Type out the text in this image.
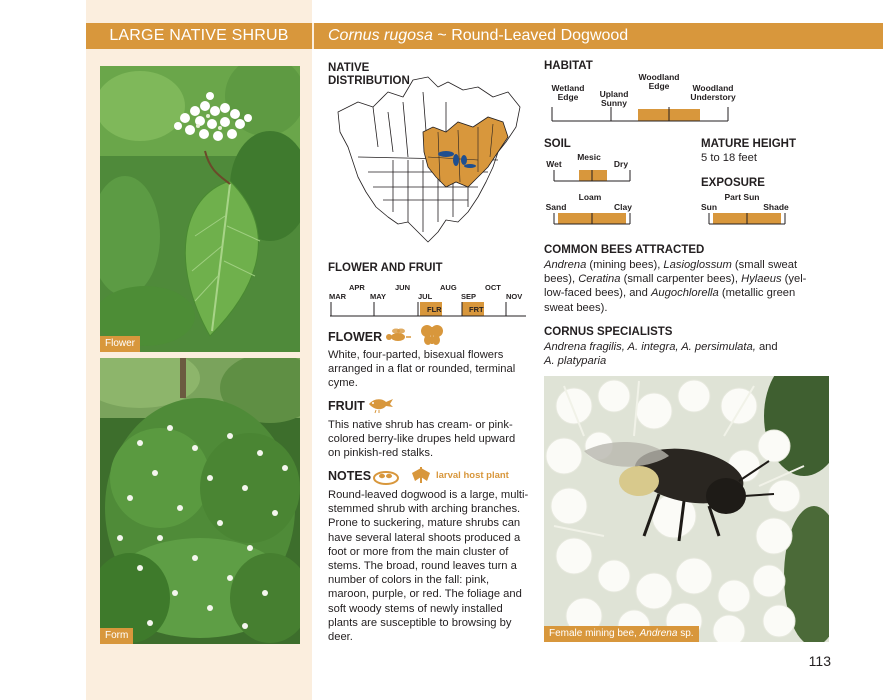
LARGE NATIVE SHRUB	Cornus rugosa ~ Round-Leaved Dogwood
Flower
Form
NATIVE
DISTRIBUTION
HABITAT
Wetland
Edge	Upland
Sunny
Woodland
Edge	Woodland
Understory
SOIL
Wet
Mesic
Dry
Sand
Loam
Clay
MATURE HEIGHT
5 to 18 feet
EXPOSURE
Sun
Part Sun
Shade
COMMON BEES ATTRACTED
Andrena (mining bees), Lasioglossum (small sweat
bees), Ceratina (small carpenter bees), Hylaeus (yel-
low-faced bees), and Augochlorella (metallic green
sweat bees).
CORNUS SPECIALISTS
Andrena fragilis, A. integra, A. persimulata, and
A. platyparia
Female mining bee, Andrena sp.
FLOWER AND FRUIT
MAR
APR
MAY
JUN
JUL
AUG
SEP
OCT
NOV
FLR	FRT
FLOWER
White, four-parted, bisexual flowers arranged in a flat or rounded, terminal cyme.
FRUIT
This native shrub has cream- or pink-colored berry-like drupes held upward on pinkish-red stalks.
NOTES	larval host plant
Round-leaved dogwood is a large, multi-stemmed shrub with arching branches. Prone to suckering, mature shrubs can have several lateral shoots produced a foot or more from the main cluster of stems. The broad, round leaves turn a number of colors in the fall: pink, maroon, purple, or red. The foliage and soft woody stems of newly installed plants are susceptible to browsing by deer.
113
